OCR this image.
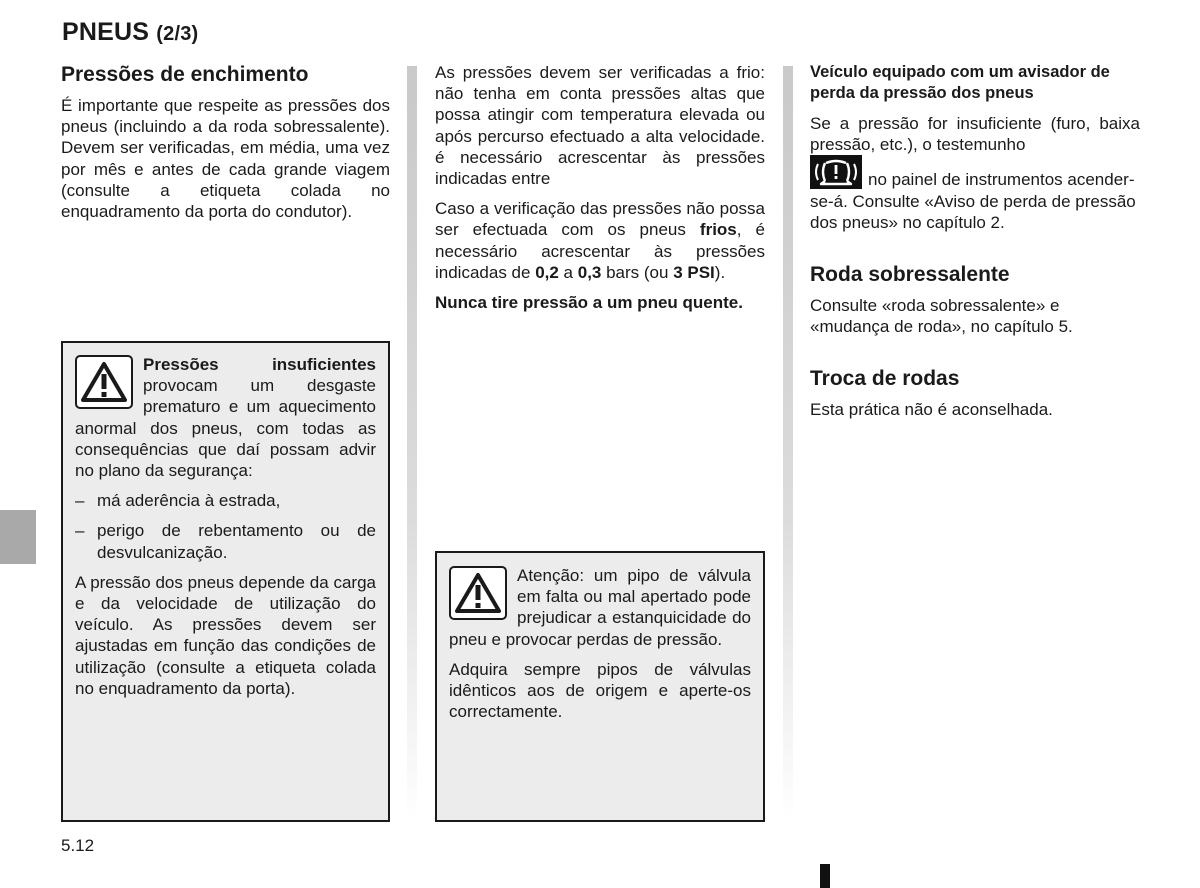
PNEUS (2/3)
Pressões de enchimento

É importante que respeite as pressões dos pneus (incluindo a da roda sobressalente). Devem ser verificadas, em média, uma vez por mês e antes de cada grande viagem (consulte a etiqueta colada no enquadramento da porta do condutor).

Pressões insuficientes provocam um desgaste prematuro e um aquecimento anormal dos pneus, com todas as consequências que daí possam advir no plano da segurança:

– má aderência à estrada,
– perigo de rebentamento ou de desvulcanização.

A pressão dos pneus depende da carga e da velocidade de utilização do veículo. As pressões devem ser ajustadas em função das condições de utilização (consulte a etiqueta colada no enquadramento da porta).

As pressões devem ser verificadas a frio: não tenha em conta pressões altas que possa atingir com temperatura elevada ou após percurso efectuado a alta velocidade. é necessário acrescentar às pressões indicadas entre

Caso a verificação das pressões não possa ser efectuada com os pneus frios, é necessário acrescentar às pressões indicadas de 0,2 a 0,3 bars (ou 3 PSI).

Nunca tire pressão a um pneu quente.

Atenção: um pipo de válvula em falta ou mal apertado pode prejudicar a estanquicidade do pneu e provocar perdas de pressão.

Adquira sempre pipos de válvulas idênticos aos de origem e aperte-os correctamente.

Veículo equipado com um avisador de perda da pressão dos pneus

Se a pressão for insuficiente (furo, baixa pressão, etc.), o testemunho

no painel de instrumentos acender-se-á. Consulte «Aviso de perda de pressão dos pneus» no capítulo 2.

Roda sobressalente

Consulte «roda sobressalente» e «mudança de roda», no capítulo 5.

Troca de rodas

Esta prática não é aconselhada.

5.12
